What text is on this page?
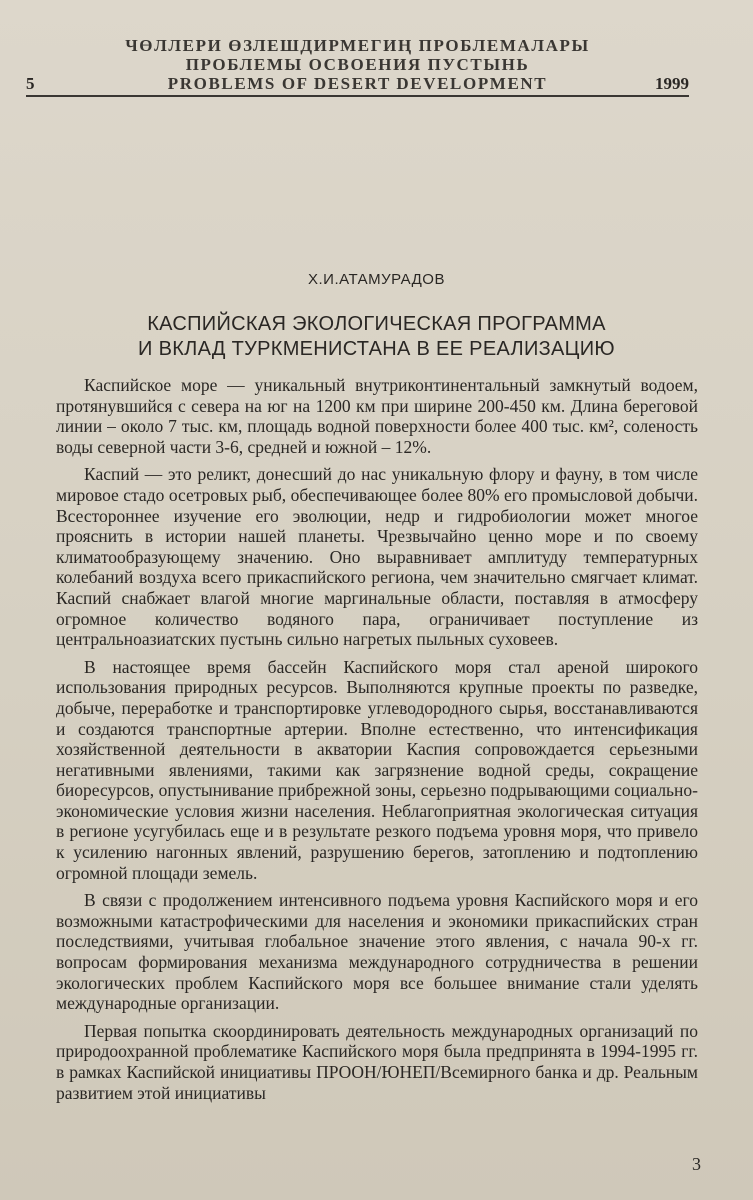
ЧӨЛЛЕРИ ӨЗЛЕШДИРМЕГИҢ ПРОБЛЕМАЛАРЫ
ПРОБЛЕМЫ ОСВОЕНИЯ ПУСТЫНЬ
5	PROBLEMS OF DESERT DEVELOPMENT	1999
Х.И.АТАМУРАДОВ
КАСПИЙСКАЯ ЭКОЛОГИЧЕСКАЯ ПРОГРАММА
И ВКЛАД ТУРКМЕНИСТАНА В ЕЕ РЕАЛИЗАЦИЮ

Каспийское море — уникальный внутриконтинентальный замкнутый водоем, протянувшийся с севера на юг на 1200 км при ширине 200-450 км. Длина береговой линии – около 7 тыс. км, площадь водной поверхности более 400 тыс. км², соленость воды северной части 3-6, средней и южной – 12%.

Каспий — это реликт, донесший до нас уникальную флору и фауну, в том числе мировое стадо осетровых рыб, обеспечивающее более 80% его промысловой добычи. Всестороннее изучение его эволюции, недр и гидробиологии может многое прояснить в истории нашей планеты. Чрезвычайно ценно море и по своему климатообразующему значению. Оно выравнивает амплитуду температурных колебаний воздуха всего прикаспийского региона, чем значительно смягчает климат. Каспий снабжает влагой многие маргинальные области, поставляя в атмосферу огромное количество водяного пара, ограничивает поступление из центральноазиатских пустынь сильно нагретых пыльных суховеев.

В настоящее время бассейн Каспийского моря стал ареной широкого использования природных ресурсов. Выполняются крупные проекты по разведке, добыче, переработке и транспортировке углеводородного сырья, восстанавливаются и создаются транспортные артерии. Вполне естественно, что интенсификация хозяйственной деятельности в акватории Каспия сопровождается серьезными негативными явлениями, такими как загрязнение водной среды, сокращение биоресурсов, опустынивание прибрежной зоны, серьезно подрывающими социально-экономические условия жизни населения. Неблагоприятная экологическая ситуация в регионе усугубилась еще и в результате резкого подъема уровня моря, что привело к усилению нагонных явлений, разрушению берегов, затоплению и подтоплению огромной площади земель.

В связи с продолжением интенсивного подъема уровня Каспийского моря и его возможными катастрофическими для населения и экономики прикаспийских стран последствиями, учитывая глобальное значение этого явления, с начала 90-х гг. вопросам формирования механизма международного сотрудничества в решении экологических проблем Каспийского моря все большее внимание стали уделять международные организации.

Первая попытка скоординировать деятельность международных организаций по природоохранной проблематике Каспийского моря была предпринята в 1994-1995 гг. в рамках Каспийской инициативы ПРООН/ЮНЕП/Всемирного банка и др. Реальным развитием этой инициативы

3
